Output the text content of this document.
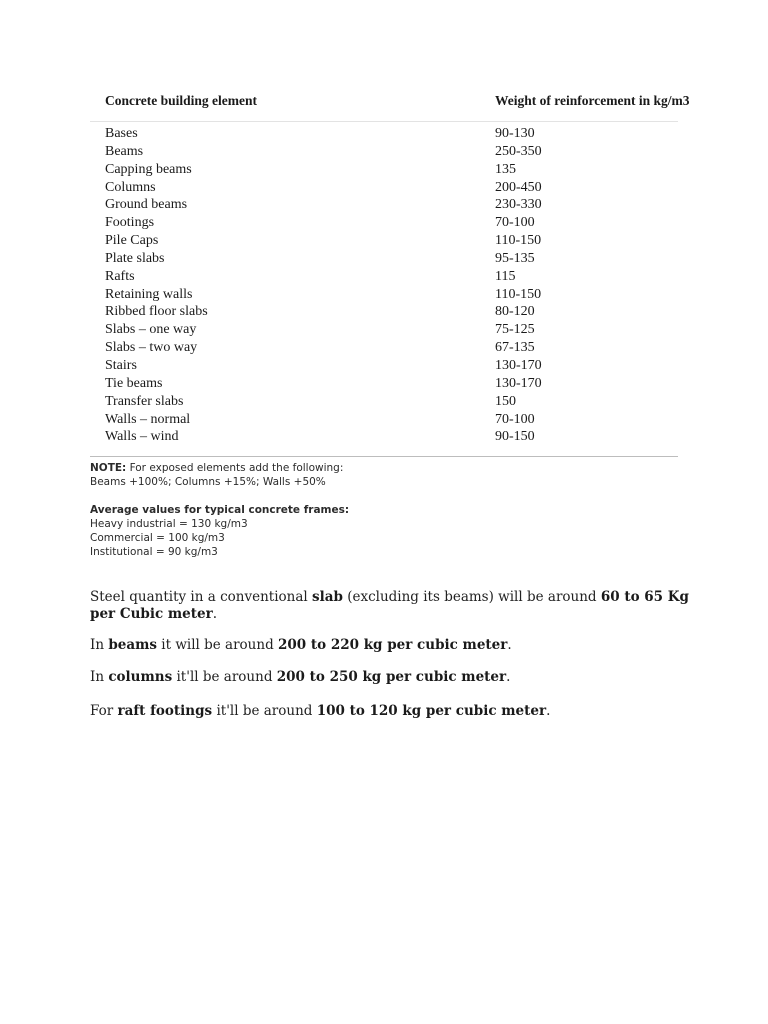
Concrete building element	Weight of reinforcement in kg/m3
Bases	90-130
Beams	250-350
Capping beams	135
Columns	200-450
Ground beams	230-330
Footings	70-100
Pile Caps	110-150
Plate slabs	95-135
Rafts	115
Retaining walls	110-150
Ribbed floor slabs	80-120
Slabs – one way	75-125
Slabs – two way	67-135
Stairs	130-170
Tie beams	130-170
Transfer slabs	150
Walls – normal	70-100
Walls – wind	90-150
NOTE: For exposed elements add the following:
Beams +100%; Columns +15%; Walls +50%
Average values for typical concrete frames:
Heavy industrial = 130 kg/m3
Commercial = 100 kg/m3
Institutional = 90 kg/m3
Steel quantity in a conventional slab (excluding its beams) will be around 60 to 65 Kg per Cubic meter.
In beams it will be around 200 to 220 kg per cubic meter.
In columns it'll be around 200 to 250 kg per cubic meter.
For raft footings it'll be around 100 to 120 kg per cubic meter.
